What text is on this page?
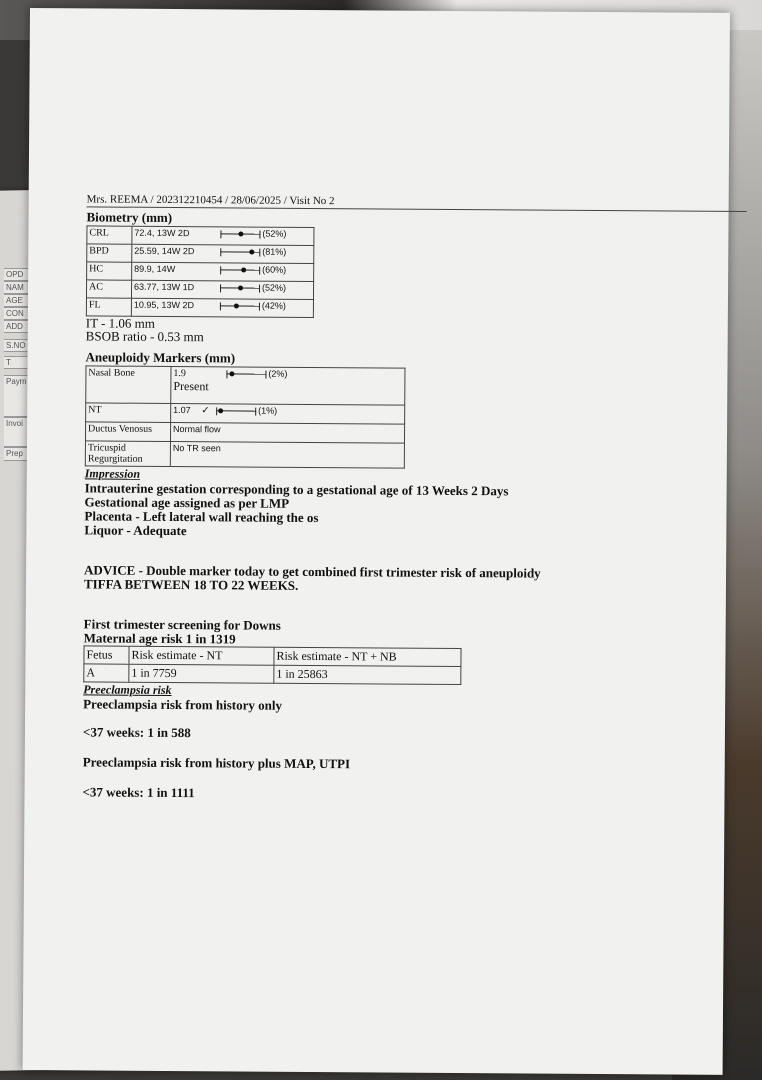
OPD
NAM
AGE
CON
ADD
S.NO
T
Paym
Invoi
Prep
Mrs. REEMA / 202312210454 / 28/06/2025 / Visit No 2
Biometry (mm)
CRL	72.4, 13W 2D (52%)
BPD	25.59, 14W 2D (81%)
HC	89.9, 14W (60%)
AC	63.77, 13W 1D (52%)
FL	10.95, 13W 2D (42%)
IT - 1.06 mm
BSOB ratio - 0.53 mm
Aneuploidy Markers (mm)
Nasal Bone	1.9 (2%)
Present
NT	1.07 ✓ (1%)
Ductus Venosus	Normal flow
Tricuspid
Regurgitation	No TR seen
Impression
Intrauterine gestation corresponding to a gestational age of 13 Weeks 2 Days
Gestational age assigned as per LMP
Placenta - Left lateral wall reaching the os
Liquor - Adequate
ADVICE - Double marker today to get combined first trimester risk of aneuploidy
TIFFA BETWEEN 18 TO 22 WEEKS.
First trimester screening for Downs
Maternal age risk 1 in 1319
Fetus	Risk estimate - NT	Risk estimate - NT + NB
A	1 in 7759	1 in 25863
Preeclampsia risk
Preeclampsia risk from history only
<37 weeks: 1 in 588
Preeclampsia risk from history plus MAP, UTPI
<37 weeks: 1 in 1111
